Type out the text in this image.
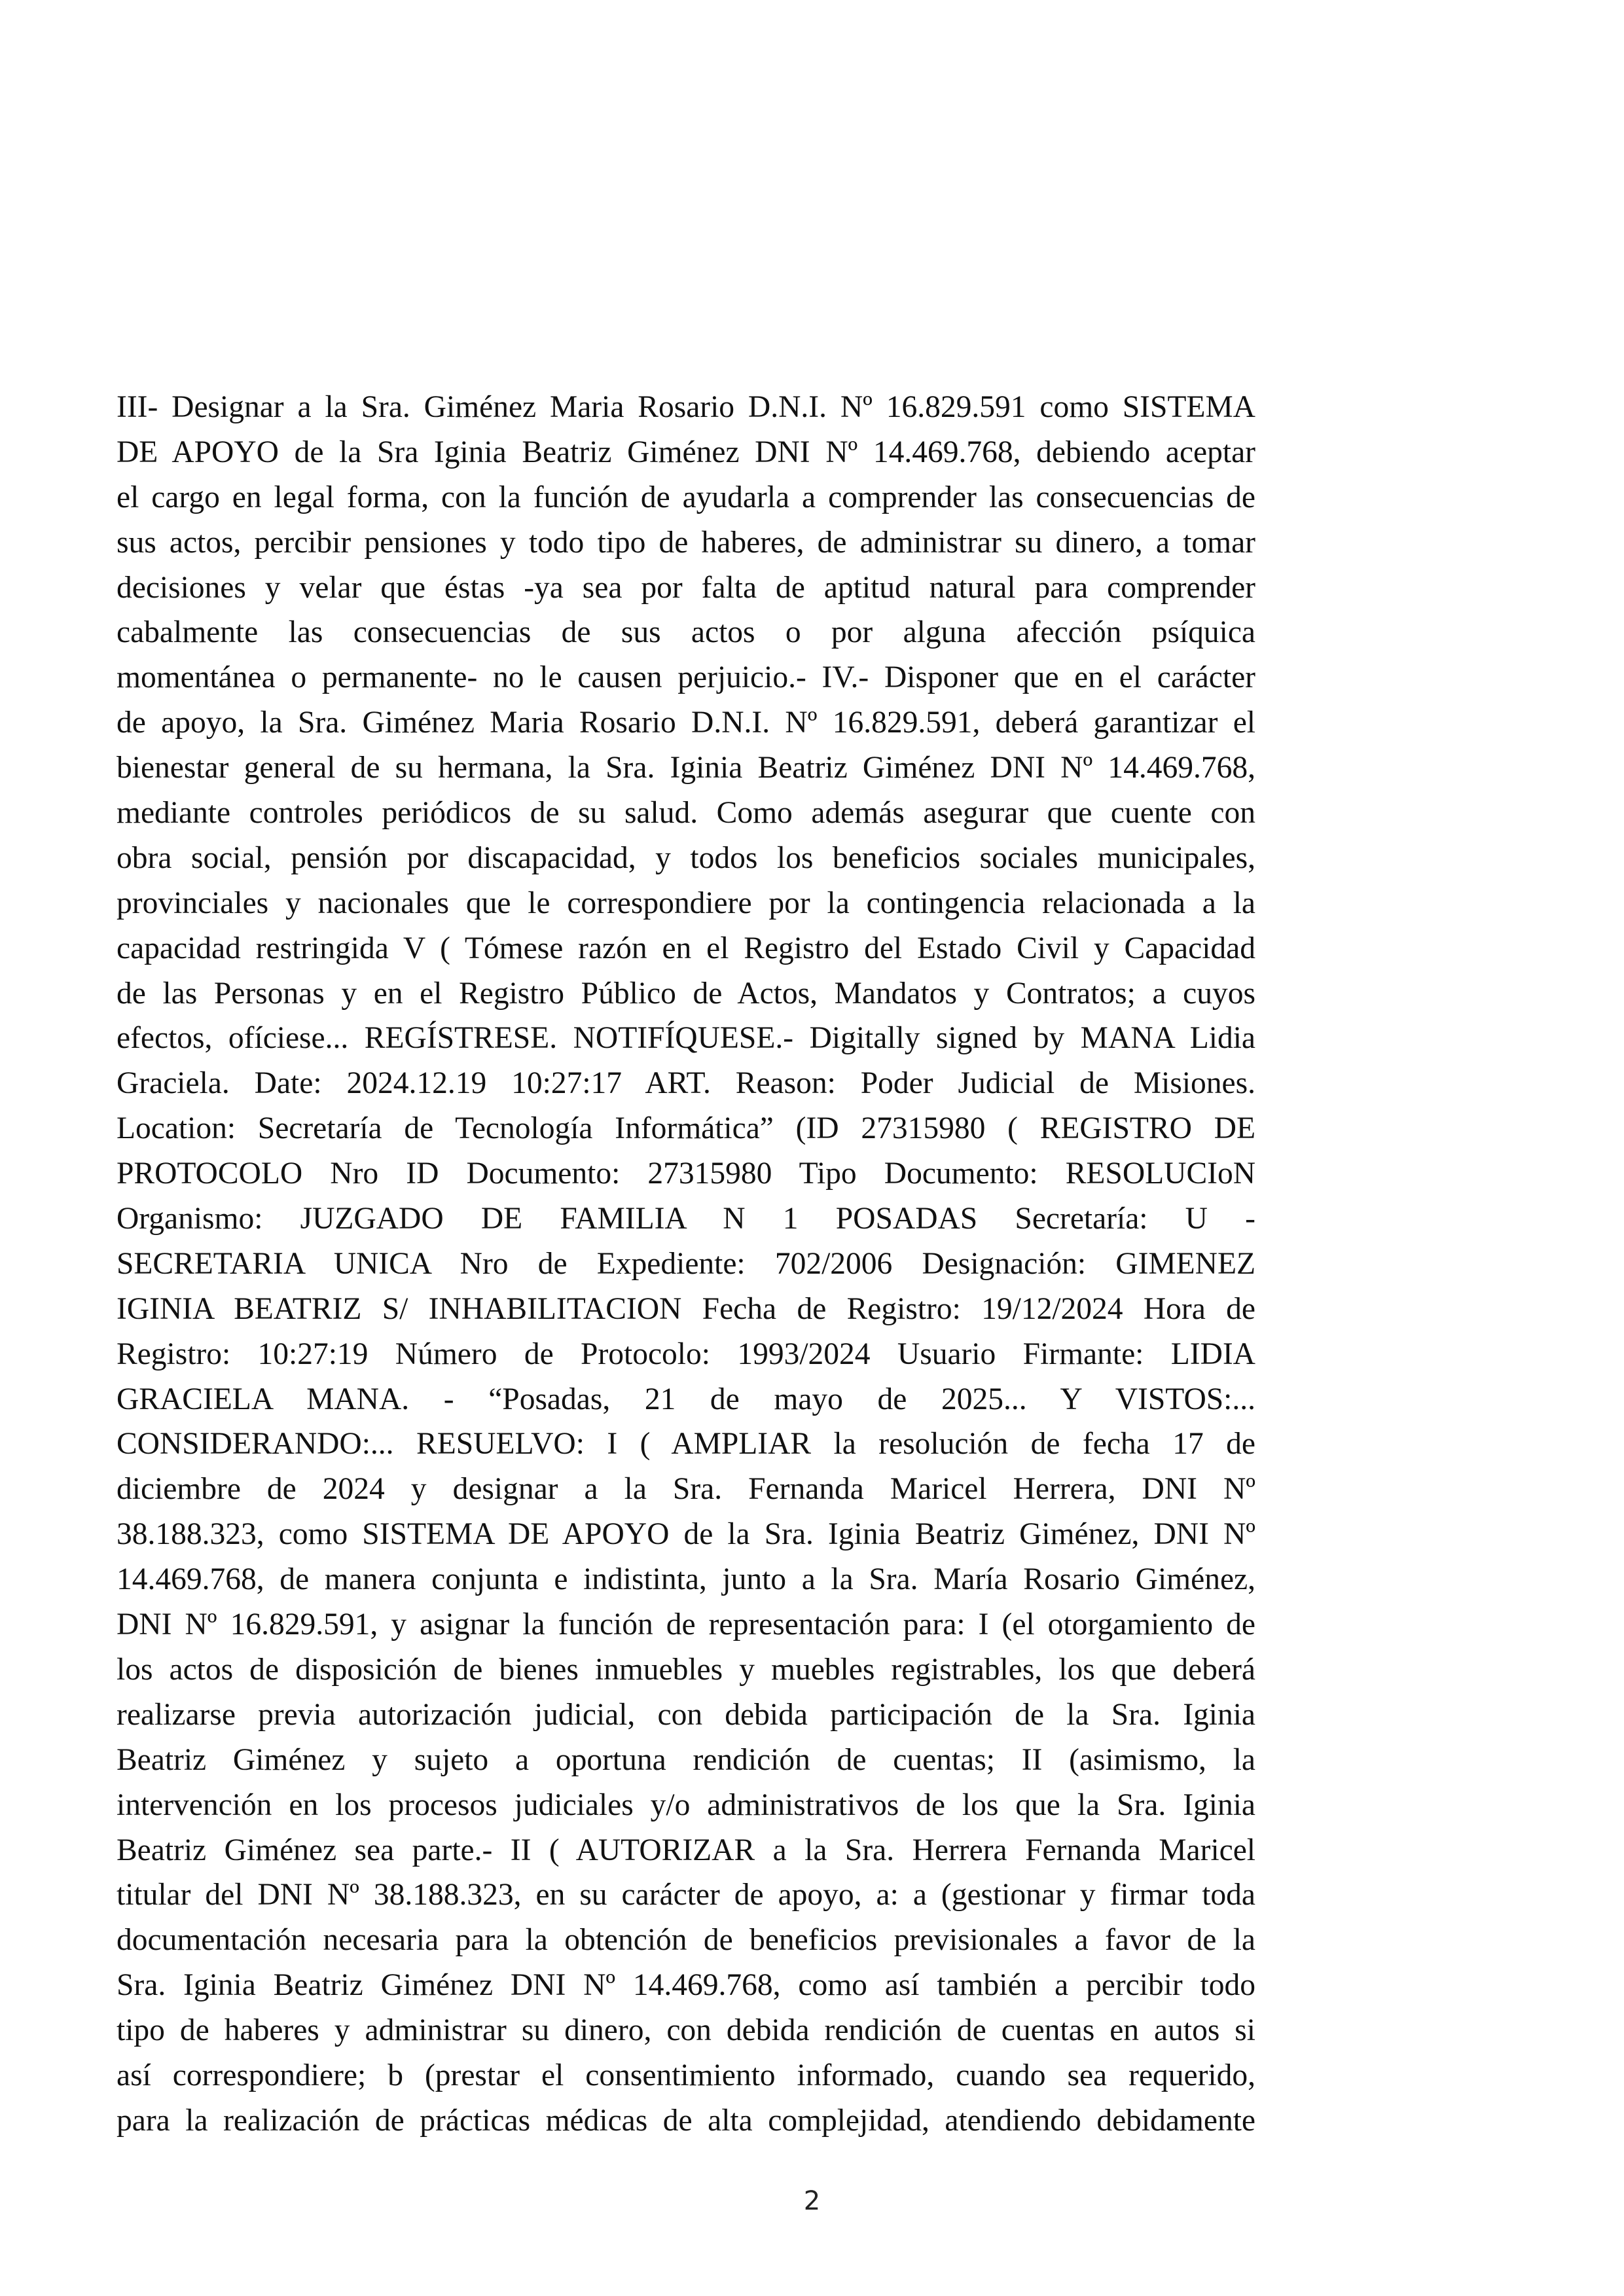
III- Designar a la Sra. Giménez Maria Rosario D.N.I. Nº 16.829.591 como SISTEMA
DE APOYO de la Sra Iginia Beatriz Giménez DNI Nº 14.469.768, debiendo aceptar
el cargo en legal forma, con la función de ayudarla a comprender las consecuencias de
sus actos, percibir pensiones y todo tipo de haberes, de administrar su dinero, a tomar
decisiones y velar que éstas -ya sea por falta de aptitud natural para comprender
cabalmente las consecuencias de sus actos o por alguna afección psíquica
momentánea o permanente- no le causen perjuicio.- IV.- Disponer que en el carácter
de apoyo, la Sra. Giménez Maria Rosario D.N.I. Nº 16.829.591, deberá garantizar el
bienestar general de su hermana, la Sra. Iginia Beatriz Giménez DNI Nº 14.469.768,
mediante controles periódicos de su salud. Como además asegurar que cuente con
obra social, pensión por discapacidad, y todos los beneficios sociales municipales,
provinciales y nacionales que le correspondiere por la contingencia relacionada a la
capacidad restringida V ( Tómese razón en el Registro del Estado Civil y Capacidad
de las Personas y en el Registro Público de Actos, Mandatos y Contratos; a cuyos
efectos, ofíciese... REGÍSTRESE. NOTIFÍQUESE.- Digitally signed by MANA Lidia
Graciela. Date: 2024.12.19 10:27:17 ART. Reason: Poder Judicial de Misiones.
Location: Secretaría de Tecnología Informática” (ID 27315980 ( REGISTRO DE
PROTOCOLO Nro ID Documento: 27315980 Tipo Documento: RESOLUCIoN
Organismo: JUZGADO DE FAMILIA N 1 POSADAS Secretaría: U -
SECRETARIA UNICA Nro de Expediente: 702/2006 Designación: GIMENEZ
IGINIA BEATRIZ S/ INHABILITACION Fecha de Registro: 19/12/2024 Hora de
Registro: 10:27:19 Número de Protocolo: 1993/2024 Usuario Firmante: LIDIA
GRACIELA MANA. - “Posadas, 21 de mayo de 2025... Y VISTOS:...
CONSIDERANDO:... RESUELVO: I ( AMPLIAR la resolución de fecha 17 de
diciembre de 2024 y designar a la Sra. Fernanda Maricel Herrera, DNI Nº
38.188.323, como SISTEMA DE APOYO de la Sra. Iginia Beatriz Giménez, DNI Nº
14.469.768, de manera conjunta e indistinta, junto a la Sra. María Rosario Giménez,
DNI Nº 16.829.591, y asignar la función de representación para: I (el otorgamiento de
los actos de disposición de bienes inmuebles y muebles registrables, los que deberá
realizarse previa autorización judicial, con debida participación de la Sra. Iginia
Beatriz Giménez y sujeto a oportuna rendición de cuentas; II (asimismo, la
intervención en los procesos judiciales y/o administrativos de los que la Sra. Iginia
Beatriz Giménez sea parte.- II ( AUTORIZAR a la Sra. Herrera Fernanda Maricel
titular del DNI Nº 38.188.323, en su carácter de apoyo, a: a (gestionar y firmar toda
documentación necesaria para la obtención de beneficios previsionales a favor de la
Sra. Iginia Beatriz Giménez DNI Nº 14.469.768, como así también a percibir todo
tipo de haberes y administrar su dinero, con debida rendición de cuentas en autos si
así correspondiere; b (prestar el consentimiento informado, cuando sea requerido,
para la realización de prácticas médicas de alta complejidad, atendiendo debidamente
2
